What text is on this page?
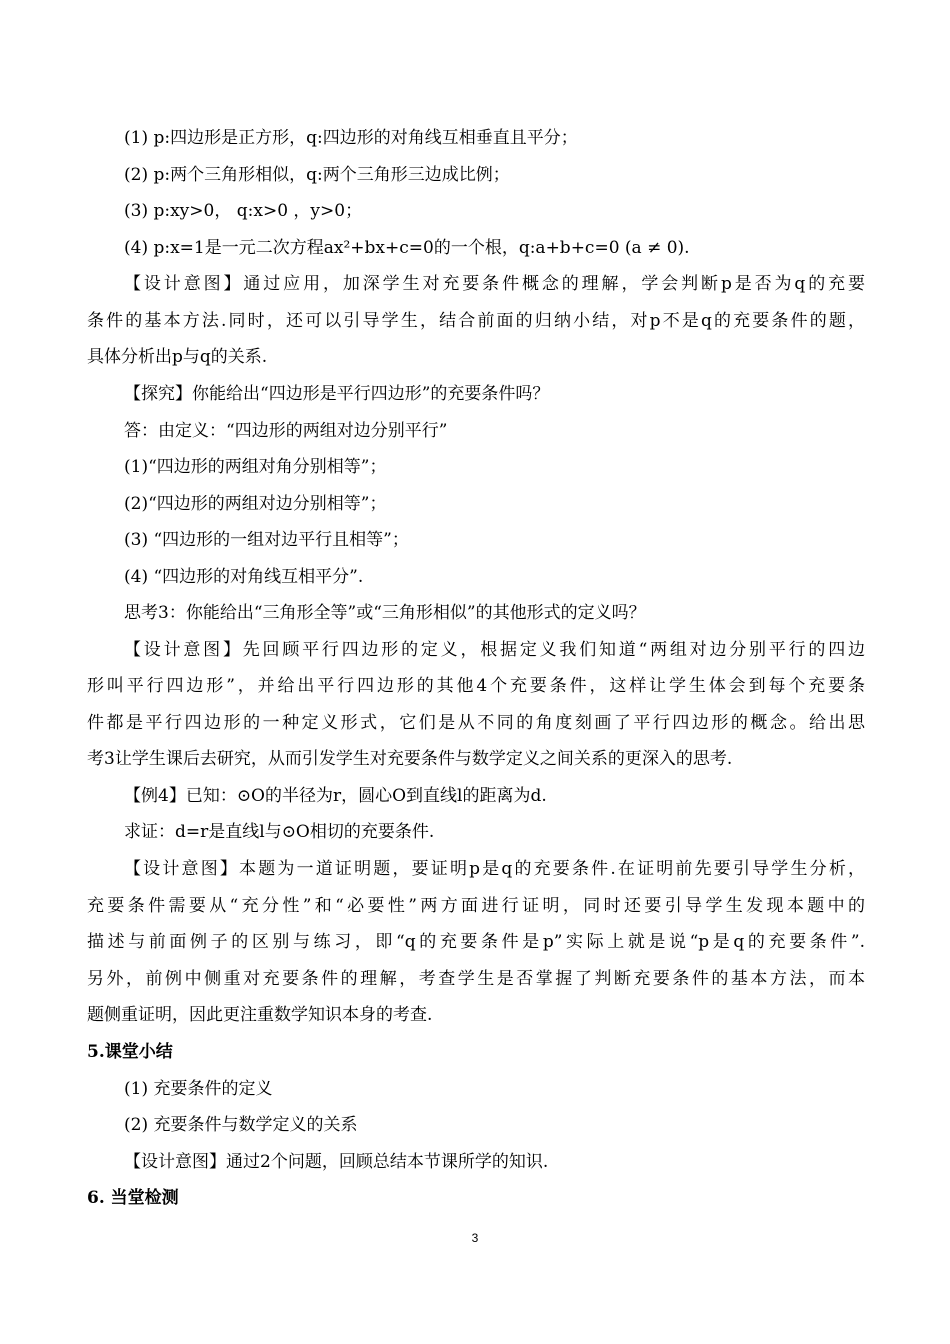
(1) p:四边形是正方形，q:四边形的对角线互相垂直且平分；
(2) p:两个三角形相似，q:两个三角形三边成比例；
(3) p:xy>0， q:x>0 ，y>0；
(4) p:x=1是一元二次方程ax²+bx+c=0的一个根，q:a+b+c=0 (a ≠ 0).
【设计意图】通过应用，加深学生对充要条件概念的理解，学会判断p是否为q的充要
条件的基本方法.同时，还可以引导学生，结合前面的归纳小结，对p不是q的充要条件的题，
具体分析出p与q的关系.
【探究】你能给出“四边形是平行四边形”的充要条件吗？
答：由定义：“四边形的两组对边分别平行”
(1)“四边形的两组对角分别相等”；
(2)“四边形的两组对边分别相等”；
(3) “四边形的一组对边平行且相等”；
(4) “四边形的对角线互相平分”.
思考3：你能给出“三角形全等”或“三角形相似”的其他形式的定义吗？
【设计意图】先回顾平行四边形的定义，根据定义我们知道“两组对边分别平行的四边
形叫平行四边形”，并给出平行四边形的其他4个充要条件，这样让学生体会到每个充要条
件都是平行四边形的一种定义形式，它们是从不同的角度刻画了平行四边形的概念。给出思
考3让学生课后去研究，从而引发学生对充要条件与数学定义之间关系的更深入的思考.
【例4】已知：⊙O的半径为r，圆心O到直线l的距离为d.
求证：d=r是直线l与⊙O相切的充要条件.
【设计意图】本题为一道证明题，要证明p是q的充要条件.在证明前先要引导学生分析，
充要条件需要从“充分性”和“必要性”两方面进行证明，同时还要引导学生发现本题中的
描述与前面例子的区别与练习，即“q的充要条件是p”实际上就是说“p是q的充要条件”.
另外，前例中侧重对充要条件的理解，考查学生是否掌握了判断充要条件的基本方法，而本
题侧重证明，因此更注重数学知识本身的考查.
5.课堂小结
(1) 充要条件的定义
(2) 充要条件与数学定义的关系
【设计意图】通过2个问题，回顾总结本节课所学的知识.
6. 当堂检测
3
